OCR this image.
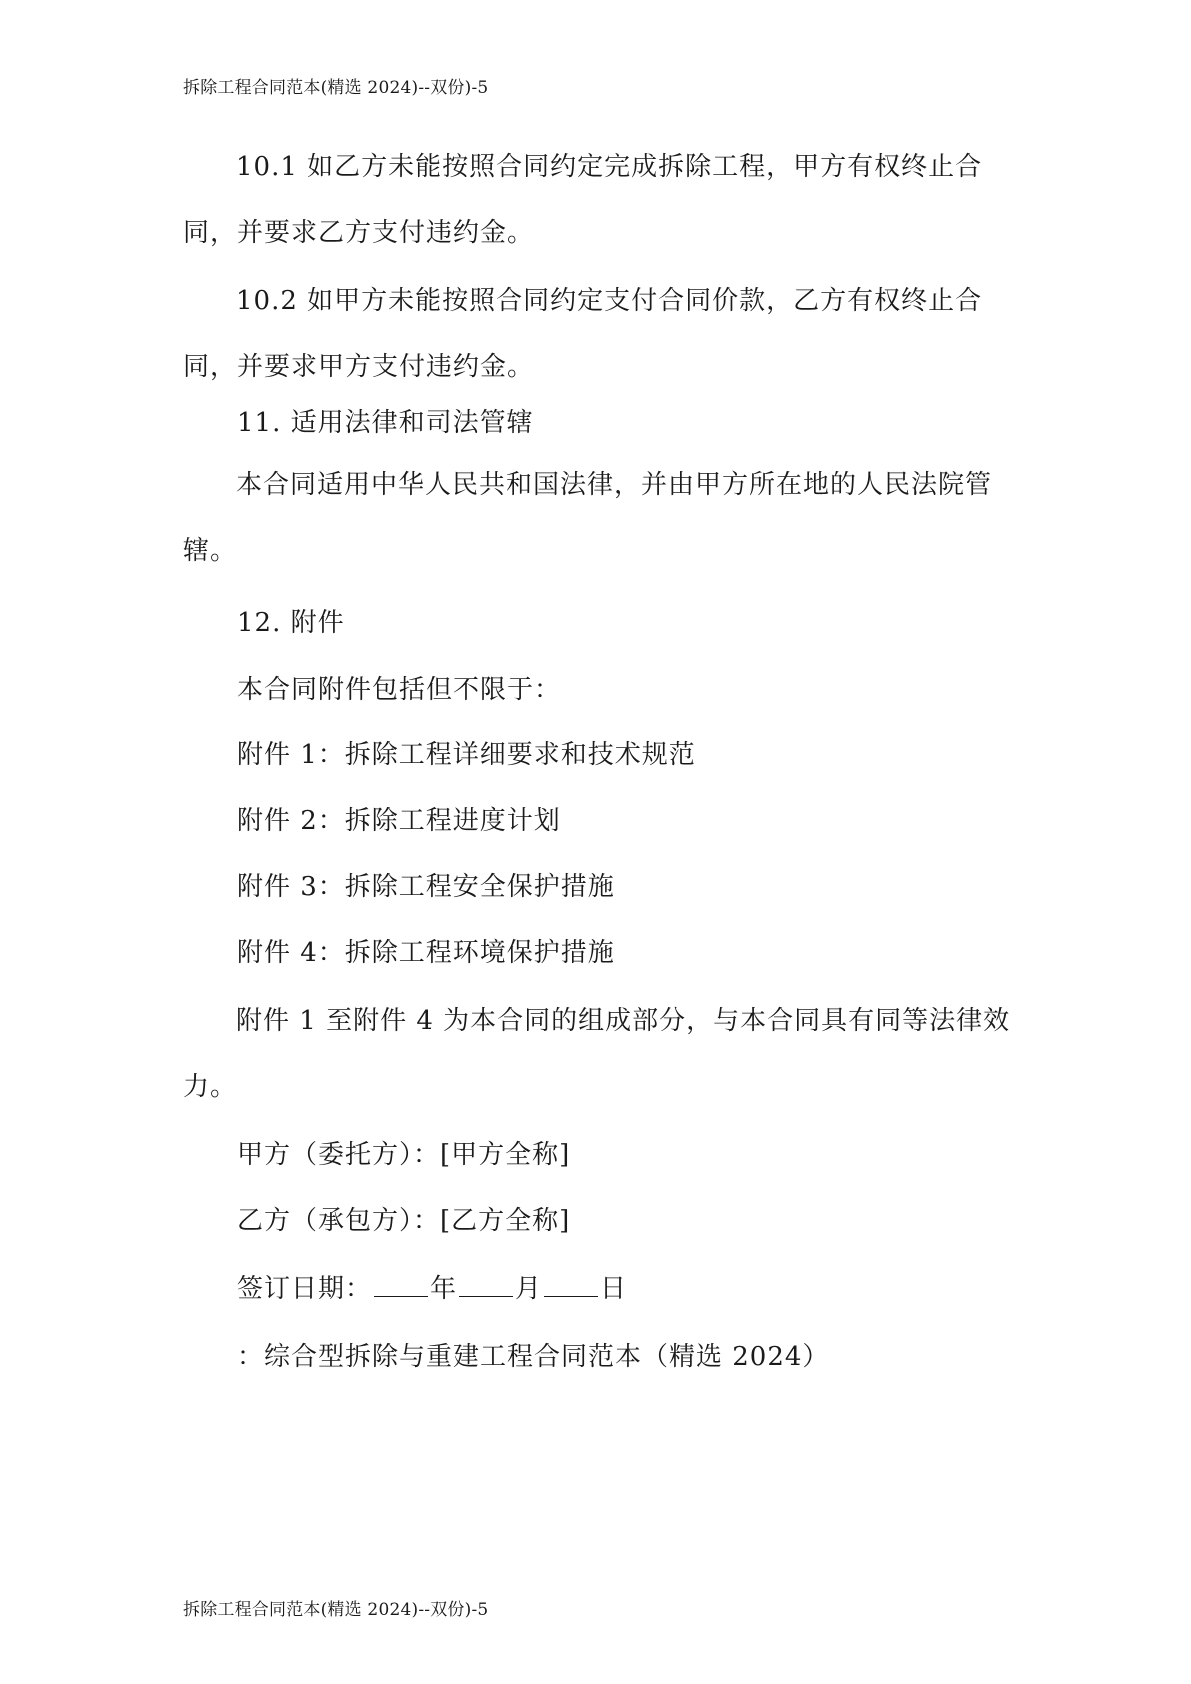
拆除工程合同范本(精选 2024)--双份)-5

10.1 如乙方未能按照合同约定完成拆除工程，甲方有权终止合同，并要求乙方支付违约金。

10.2 如甲方未能按照合同约定支付合同价款，乙方有权终止合同，并要求甲方支付违约金。

11. 适用法律和司法管辖

本合同适用中华人民共和国法律，并由甲方所在地的人民法院管辖。

12. 附件

本合同附件包括但不限于：

附件 1：拆除工程详细要求和技术规范

附件 2：拆除工程进度计划

附件 3：拆除工程安全保护措施

附件 4：拆除工程环境保护措施

附件 1 至附件 4 为本合同的组成部分，与本合同具有同等法律效力。

甲方（委托方）：[甲方全称]

乙方（承包方）：[乙方全称]

签订日期： 年 月 日

：综合型拆除与重建工程合同范本（精选 2024）

拆除工程合同范本(精选 2024)--双份)-5
